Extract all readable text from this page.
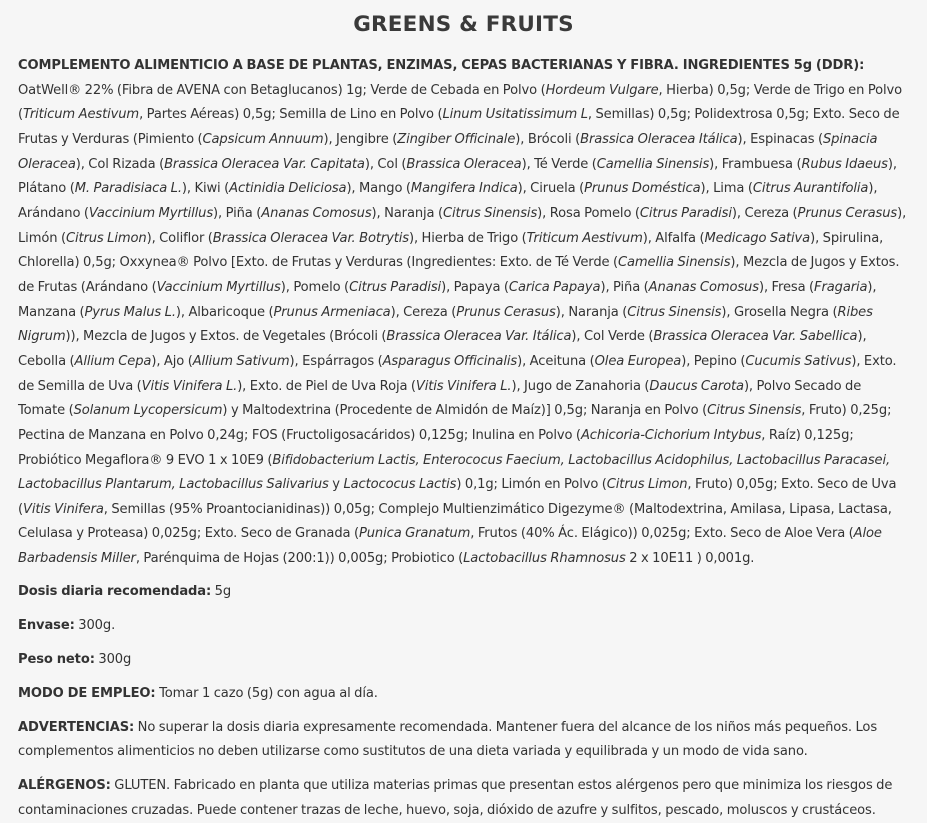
GREENS & FRUITS
COMPLEMENTO ALIMENTICIO A BASE DE PLANTAS, ENZIMAS, CEPAS BACTERIANAS Y FIBRA. INGREDIENTES 5g (DDR): OatWell® 22% (Fibra de AVENA con Betaglucanos) 1g; Verde de Cebada en Polvo (Hordeum Vulgare, Hierba) 0,5g; Verde de Trigo en Polvo (Triticum Aestivum, Partes Aéreas) 0,5g; Semilla de Lino en Polvo (Linum Usitatissimum L, Semillas) 0,5g; Polidextrosa 0,5g; Exto. Seco de Frutas y Verduras (Pimiento (Capsicum Annuum), Jengibre (Zingiber Officinale), Brócoli (Brassica Oleracea Itálica), Espinacas (Spinacia Oleracea), Col Rizada (Brassica Oleracea Var. Capitata), Col (Brassica Oleracea), Té Verde (Camellia Sinensis), Frambuesa (Rubus Idaeus), Plátano (M. Paradisiaca L.), Kiwi (Actinidia Deliciosa), Mango (Mangifera Indica), Ciruela (Prunus Doméstica), Lima (Citrus Aurantifolia), Arándano (Vaccinium Myrtillus), Piña (Ananas Comosus), Naranja (Citrus Sinensis), Rosa Pomelo (Citrus Paradisi), Cereza (Prunus Cerasus), Limón (Citrus Limon), Coliflor (Brassica Oleracea Var. Botrytis), Hierba de Trigo (Triticum Aestivum), Alfalfa (Medicago Sativa), Spirulina, Chlorella) 0,5g; Oxxynea® Polvo [Exto. de Frutas y Verduras (Ingredientes: Exto. de Té Verde (Camellia Sinensis), Mezcla de Jugos y Extos. de Frutas (Arándano (Vaccinium Myrtillus), Pomelo (Citrus Paradisi), Papaya (Carica Papaya), Piña (Ananas Comosus), Fresa (Fragaria), Manzana (Pyrus Malus L.), Albaricoque (Prunus Armeniaca), Cereza (Prunus Cerasus), Naranja (Citrus Sinensis), Grosella Negra (Ribes Nigrum)), Mezcla de Jugos y Extos. de Vegetales (Brócoli (Brassica Oleracea Var. Itálica), Col Verde (Brassica Oleracea Var. Sabellica), Cebolla (Allium Cepa), Ajo (Allium Sativum), Espárragos (Asparagus Officinalis), Aceituna (Olea Europea), Pepino (Cucumis Sativus), Exto. de Semilla de Uva (Vitis Vinifera L.), Exto. de Piel de Uva Roja (Vitis Vinifera L.), Jugo de Zanahoria (Daucus Carota), Polvo Secado de Tomate (Solanum Lycopersicum) y Maltodextrina (Procedente de Almidón de Maíz)] 0,5g; Naranja en Polvo (Citrus Sinensis, Fruto) 0,25g; Pectina de Manzana en Polvo 0,24g; FOS (Fructoligosacáridos) 0,125g; Inulina en Polvo (Achicoria-Cichorium Intybus, Raíz) 0,125g; Probiótico Megaflora® 9 EVO 1 x 10E9 (Bifidobacterium Lactis, Enterococus Faecium, Lactobacillus Acidophilus, Lactobacillus Paracasei, Lactobacillus Plantarum, Lactobacillus Salivarius y Lactococus Lactis) 0,1g; Limón en Polvo (Citrus Limon, Fruto) 0,05g; Exto. Seco de Uva (Vitis Vinifera, Semillas (95% Proantocianidinas)) 0,05g; Complejo Multienzimático Digezyme® (Maltodextrina, Amilasa, Lipasa, Lactasa, Celulasa y Proteasa) 0,025g; Exto. Seco de Granada (Punica Granatum, Frutos (40% Ác. Elágico)) 0,025g; Exto. Seco de Aloe Vera (Aloe Barbadensis Miller, Parénquima de Hojas (200:1)) 0,005g; Probiotico (Lactobacillus Rhamnosus 2 x 10E11 ) 0,001g.

Dosis diaria recomendada: 5g

Envase: 300g.

Peso neto: 300g

MODO DE EMPLEO: Tomar 1 cazo (5g) con agua al día.

ADVERTENCIAS: No superar la dosis diaria expresamente recomendada. Mantener fuera del alcance de los niños más pequeños. Los complementos alimenticios no deben utilizarse como sustitutos de una dieta variada y equilibrada y un modo de vida sano.

ALÉRGENOS: GLUTEN. Fabricado en planta que utiliza materias primas que presentan estos alérgenos pero que minimiza los riesgos de contaminaciones cruzadas. Puede contener trazas de leche, huevo, soja, dióxido de azufre y sulfitos, pescado, moluscos y crustáceos.
